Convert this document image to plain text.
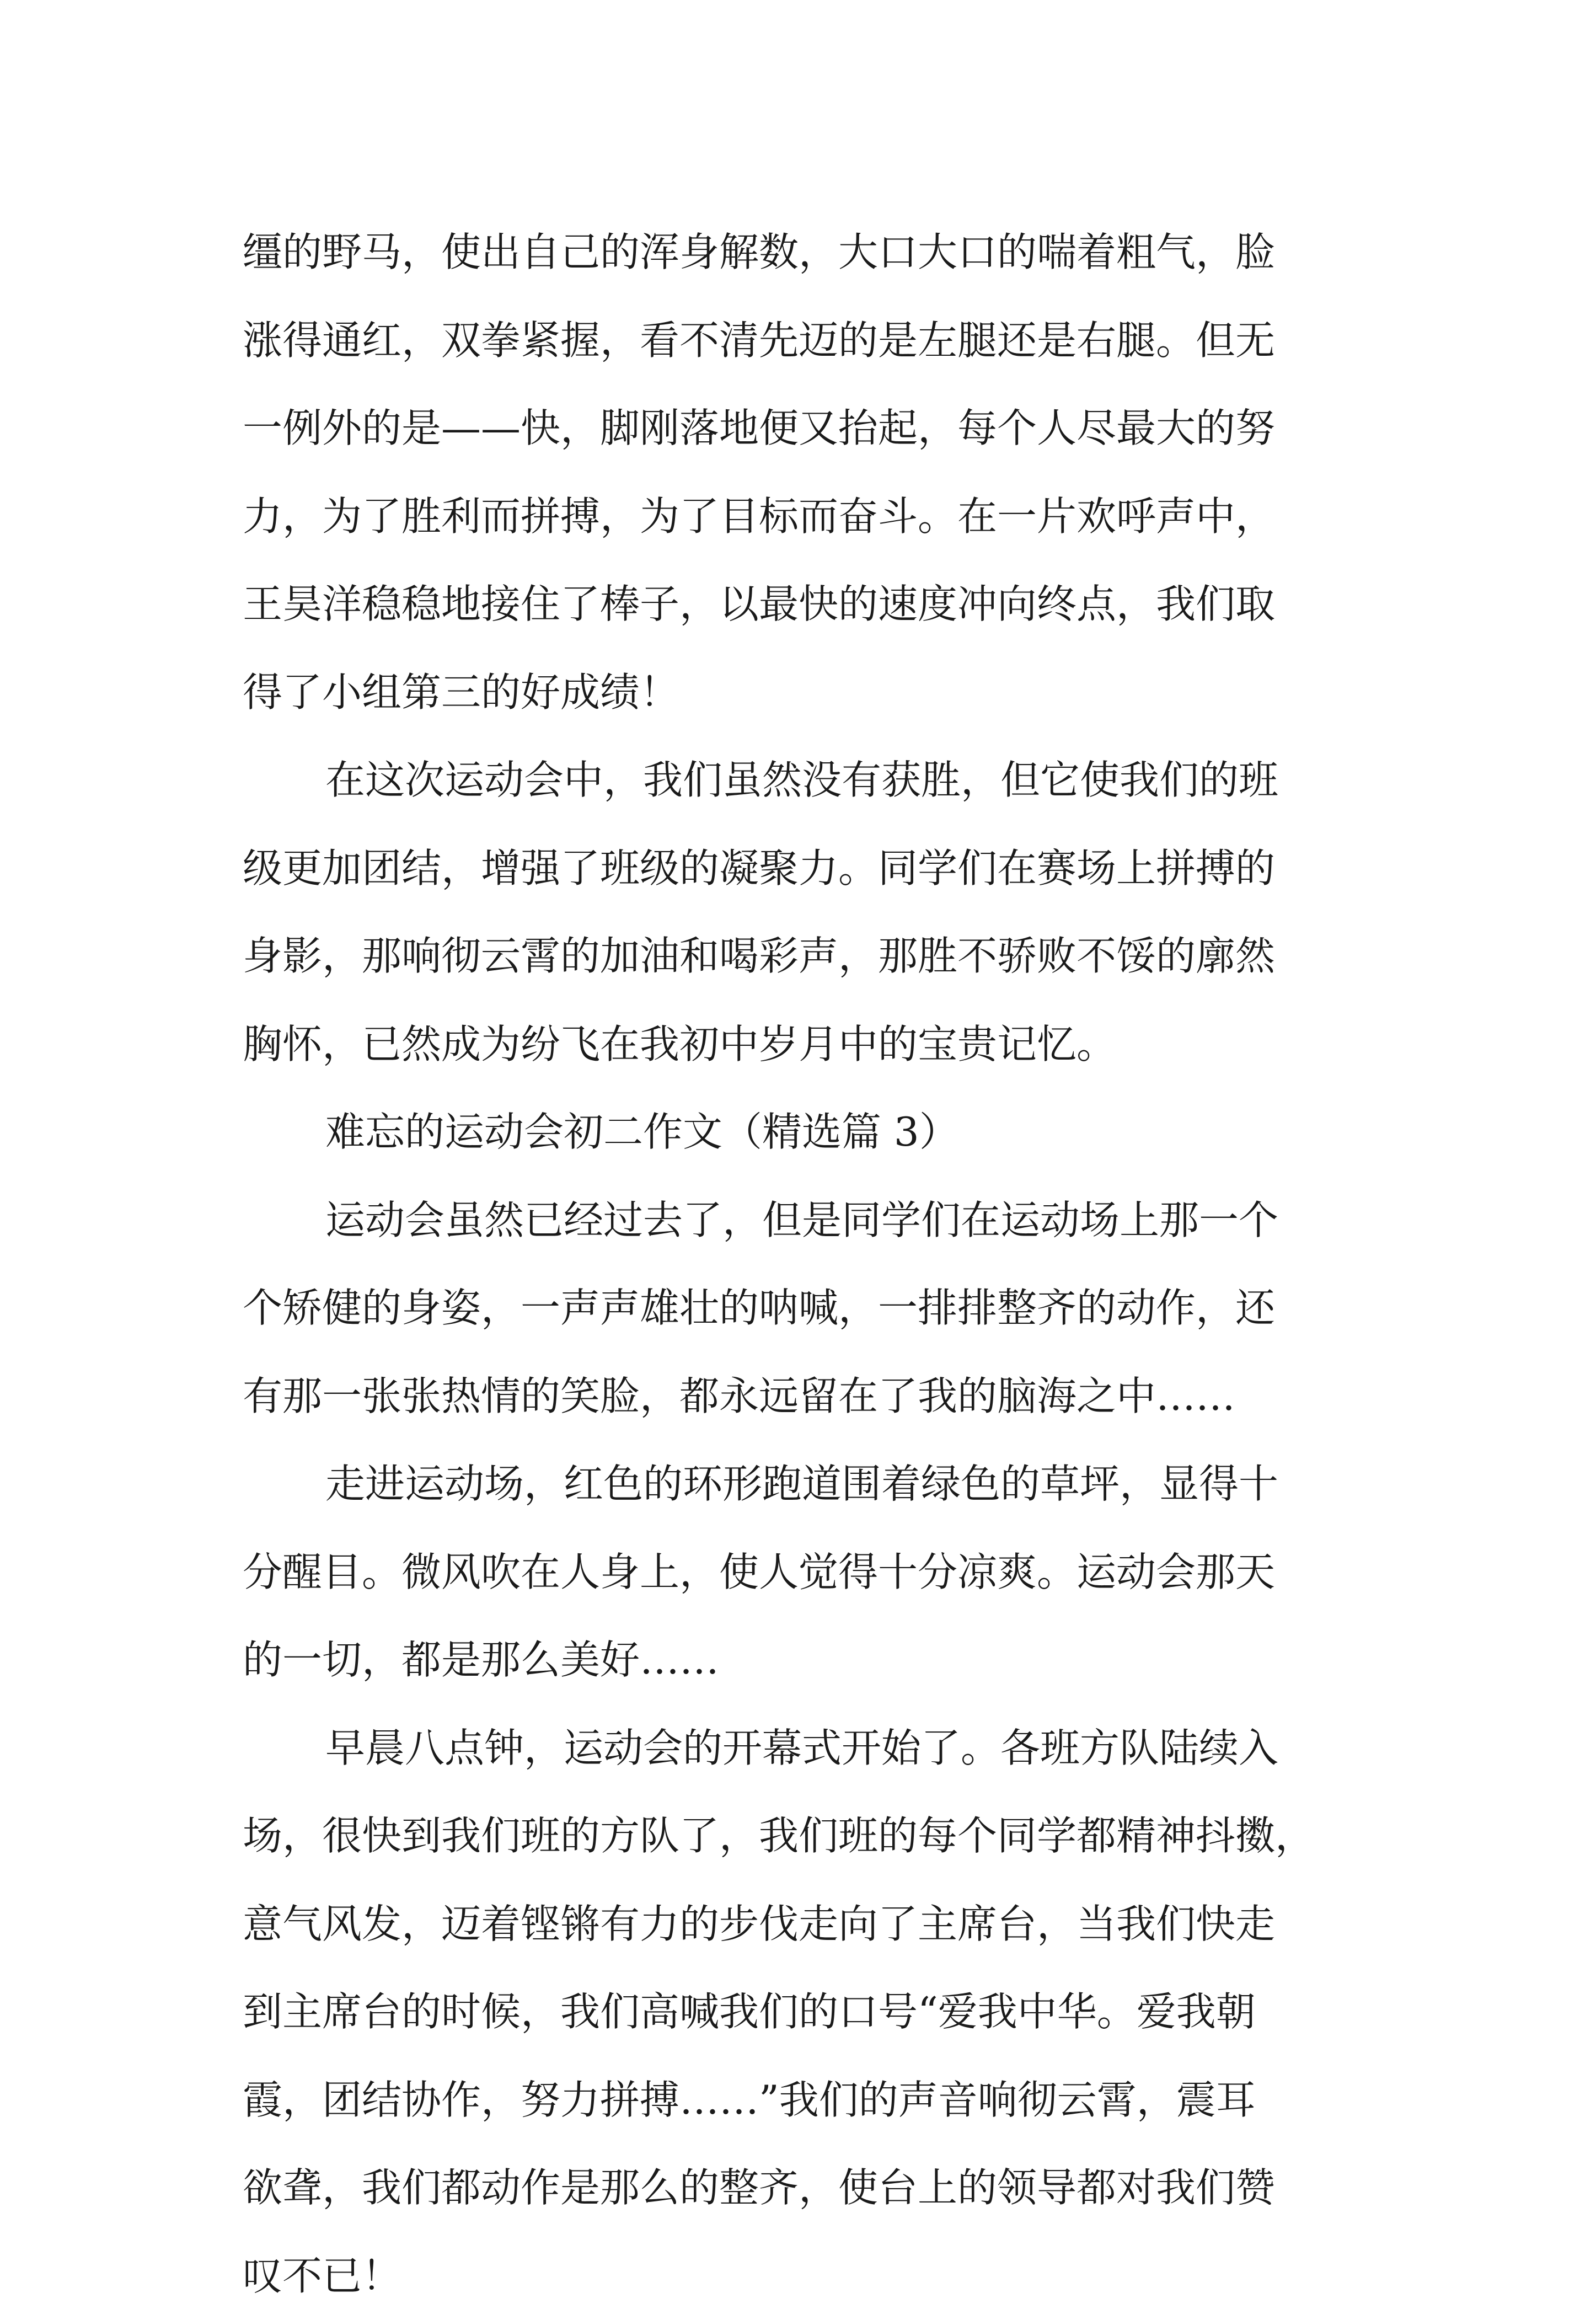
缰的野马，使出自己的浑身解数，大口大口的喘着粗气，脸
涨得通红，双拳紧握，看不清先迈的是左腿还是右腿。但无
一例外的是——快，脚刚落地便又抬起，每个人尽最大的努
力，为了胜利而拼搏，为了目标而奋斗。在一片欢呼声中，
王昊洋稳稳地接住了棒子，以最快的速度冲向终点，我们取
得了小组第三的好成绩！
在这次运动会中，我们虽然没有获胜，但它使我们的班
级更加团结，增强了班级的凝聚力。同学们在赛场上拼搏的
身影，那响彻云霄的加油和喝彩声，那胜不骄败不馁的廓然
胸怀，已然成为纷飞在我初中岁月中的宝贵记忆。
难忘的运动会初二作文（精选篇 3）
运动会虽然已经过去了，但是同学们在运动场上那一个
个矫健的身姿，一声声雄壮的呐喊，一排排整齐的动作，还
有那一张张热情的笑脸，都永远留在了我的脑海之中……
走进运动场，红色的环形跑道围着绿色的草坪，显得十
分醒目。微风吹在人身上，使人觉得十分凉爽。运动会那天
的一切，都是那么美好……
早晨八点钟，运动会的开幕式开始了。各班方队陆续入
场，很快到我们班的方队了，我们班的每个同学都精神抖擞，
意气风发，迈着铿锵有力的步伐走向了主席台，当我们快走
到主席台的时候，我们高喊我们的口号“爱我中华。爱我朝
霞，团结协作，努力拼搏……”我们的声音响彻云霄，震耳
欲聋，我们都动作是那么的整齐，使台上的领导都对我们赞
叹不已！
